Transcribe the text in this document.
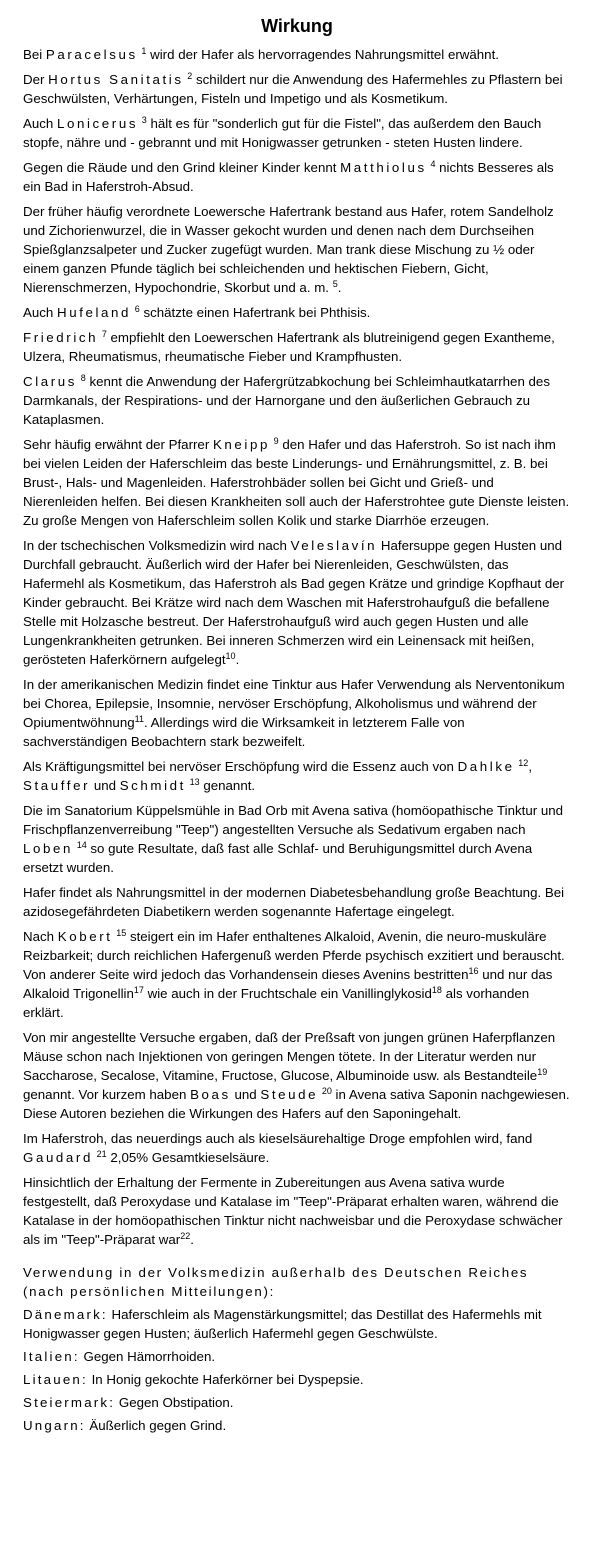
Wirkung

Bei Paracelsus $^1$ wird der Hafer als hervorragendes Nahrungsmittel erwähnt.

Der Hortus Sanitatis $^2$ schildert nur die Anwendung des Hafermehles zu Pflastern bei Geschwülsten, Verhärtungen, Fisteln und Impetigo und als Kosmetikum.

Auch Lonicerus $^3$ hält es für "sonderlich gut für die Fistel", das außerdem den Bauch stopfe, nähre und - gebrannt und mit Honigwasser getrunken - steten Husten lindere.

Gegen die Räude und den Grind kleiner Kinder kennt Matthiolus $^4$ nichts Besseres als ein Bad in Haferstroh-Absud.

Der früher häufig verordnete Loewersche Hafertrank bestand aus Hafer, rotem Sandelholz und Zichorienwurzel, die in Wasser gekocht wurden und denen nach dem Durchseihen Spießglanzsalpeter und Zucker zugefügt wurden. Man trank diese Mischung zu ½ oder einem ganzen Pfunde täglich bei schleichenden und hektischen Fiebern, Gicht, Nierenschmerzen, Hypochondrie, Skorbut und a. m. $^5$.

Auch Hufeland $^6$ schätzte einen Hafertrank bei Phthisis.

Friedrich $^7$ empfiehlt den Loewerschen Hafertrank als blutreinigend gegen Exantheme, Ulzera, Rheumatismus, rheumatische Fieber und Krampfhusten.

Clarus $^8$ kennt die Anwendung der Hafergrützabkochung bei Schleimhautkatarrhen des Darmkanals, der Respirations- und der Harnorgane und den äußerlichen Gebrauch zu Kataplasmen.

Sehr häufig erwähnt der Pfarrer Kneipp $^9$ den Hafer und das Haferstroh. So ist nach ihm bei vielen Leiden der Haferschleim das beste Linderungs- und Ernährungsmittel, z. B. bei Brust-, Hals- und Magenleiden. Haferstrohbäder sollen bei Gicht und Grieß- und Nierenleiden helfen. Bei diesen Krankheiten soll auch der Haferstrohtee gute Dienste leisten. Zu große Mengen von Haferschleim sollen Kolik und starke Diarrhöe erzeugen.

In der tschechischen Volksmedizin wird nach Veleslavín Hafersuppe gegen Husten und Durchfall gebraucht. Äußerlich wird der Hafer bei Nierenleiden, Geschwülsten, das Hafermehl als Kosmetikum, das Haferstroh als Bad gegen Krätze und grindige Kopfhaut der Kinder gebraucht. Bei Krätze wird nach dem Waschen mit Haferstrohaufguß die befallene Stelle mit Holzasche bestreut. Der Haferstrohaufguß wird auch gegen Husten und alle Lungenkrankheiten getrunken. Bei inneren Schmerzen wird ein Leinensack mit heißen, gerösteten Haferkörnern aufgelegt$^{10}$.

In der amerikanischen Medizin findet eine Tinktur aus Hafer Verwendung als Nerventonikum bei Chorea, Epilepsie, Insomnie, nervöser Erschöpfung, Alkoholismus und während der Opiumentwöhnung$^{11}$. Allerdings wird die Wirksamkeit in letzterem Falle von sachverständigen Beobachtern stark bezweifelt.

Als Kräftigungsmittel bei nervöser Erschöpfung wird die Essenz auch von Dahlke $^{12}$, Stauffer und Schmidt $^{13}$ genannt.

Die im Sanatorium Küppelsmühle in Bad Orb mit Avena sativa (homöopathische Tinktur und Frischpflanzenverreibung "Teep") angestellten Versuche als Sedativum ergaben nach Loben $^{14}$ so gute Resultate, daß fast alle Schlaf- und Beruhigungsmittel durch Avena ersetzt wurden.

Hafer findet als Nahrungsmittel in der modernen Diabetesbehandlung große Beachtung. Bei azidosegefährdeten Diabetikern werden sogenannte Hafertage eingelegt.

Nach Kobert $^{15}$ steigert ein im Hafer enthaltenes Alkaloid, Avenin, die neuro-muskuläre Reizbarkeit; durch reichlichen Hafergenuß werden Pferde psychisch exzitiert und berauscht. Von anderer Seite wird jedoch das Vorhandensein dieses Avenins bestritten$^{16}$ und nur das Alkaloid Trigonellin$^{17}$ wie auch in der Fruchtschale ein Vanillinglykosid$^{18}$ als vorhanden erklärt.

Von mir angestellte Versuche ergaben, daß der Preßsaft von jungen grünen Haferpflanzen Mäuse schon nach Injektionen von geringen Mengen tötete. In der Literatur werden nur Saccharose, Secalose, Vitamine, Fructose, Glucose, Albuminoide usw. als Bestandteile$^{19}$ genannt. Vor kurzem haben Boas und Steude $^{20}$ in Avena sativa Saponin nachgewiesen. Diese Autoren beziehen die Wirkungen des Hafers auf den Saponingehalt.

Im Haferstroh, das neuerdings auch als kieselsäurehaltige Droge empfohlen wird, fand Gaudard $^{21}$ 2,05% Gesamtkieselsäure.

Hinsichtlich der Erhaltung der Fermente in Zubereitungen aus Avena sativa wurde festgestellt, daß Peroxydase und Katalase im "Teep"-Präparat erhalten waren, während die Katalase in der homöopathischen Tinktur nicht nachweisbar und die Peroxydase schwächer als im "Teep"-Präparat war$^{22}$.

Verwendung in der Volksmedizin außerhalb des Deutschen Reiches (nach persönlichen Mitteilungen):

Dänemark: Haferschleim als Magenstärkungsmittel; das Destillat des Hafermehls mit Honigwasser gegen Husten; äußerlich Hafermehl gegen Geschwülste.

Italien: Gegen Hämorrhoiden.

Litauen: In Honig gekochte Haferkörner bei Dyspepsie.

Steiermark: Gegen Obstipation.

Ungarn: Äußerlich gegen Grind.
